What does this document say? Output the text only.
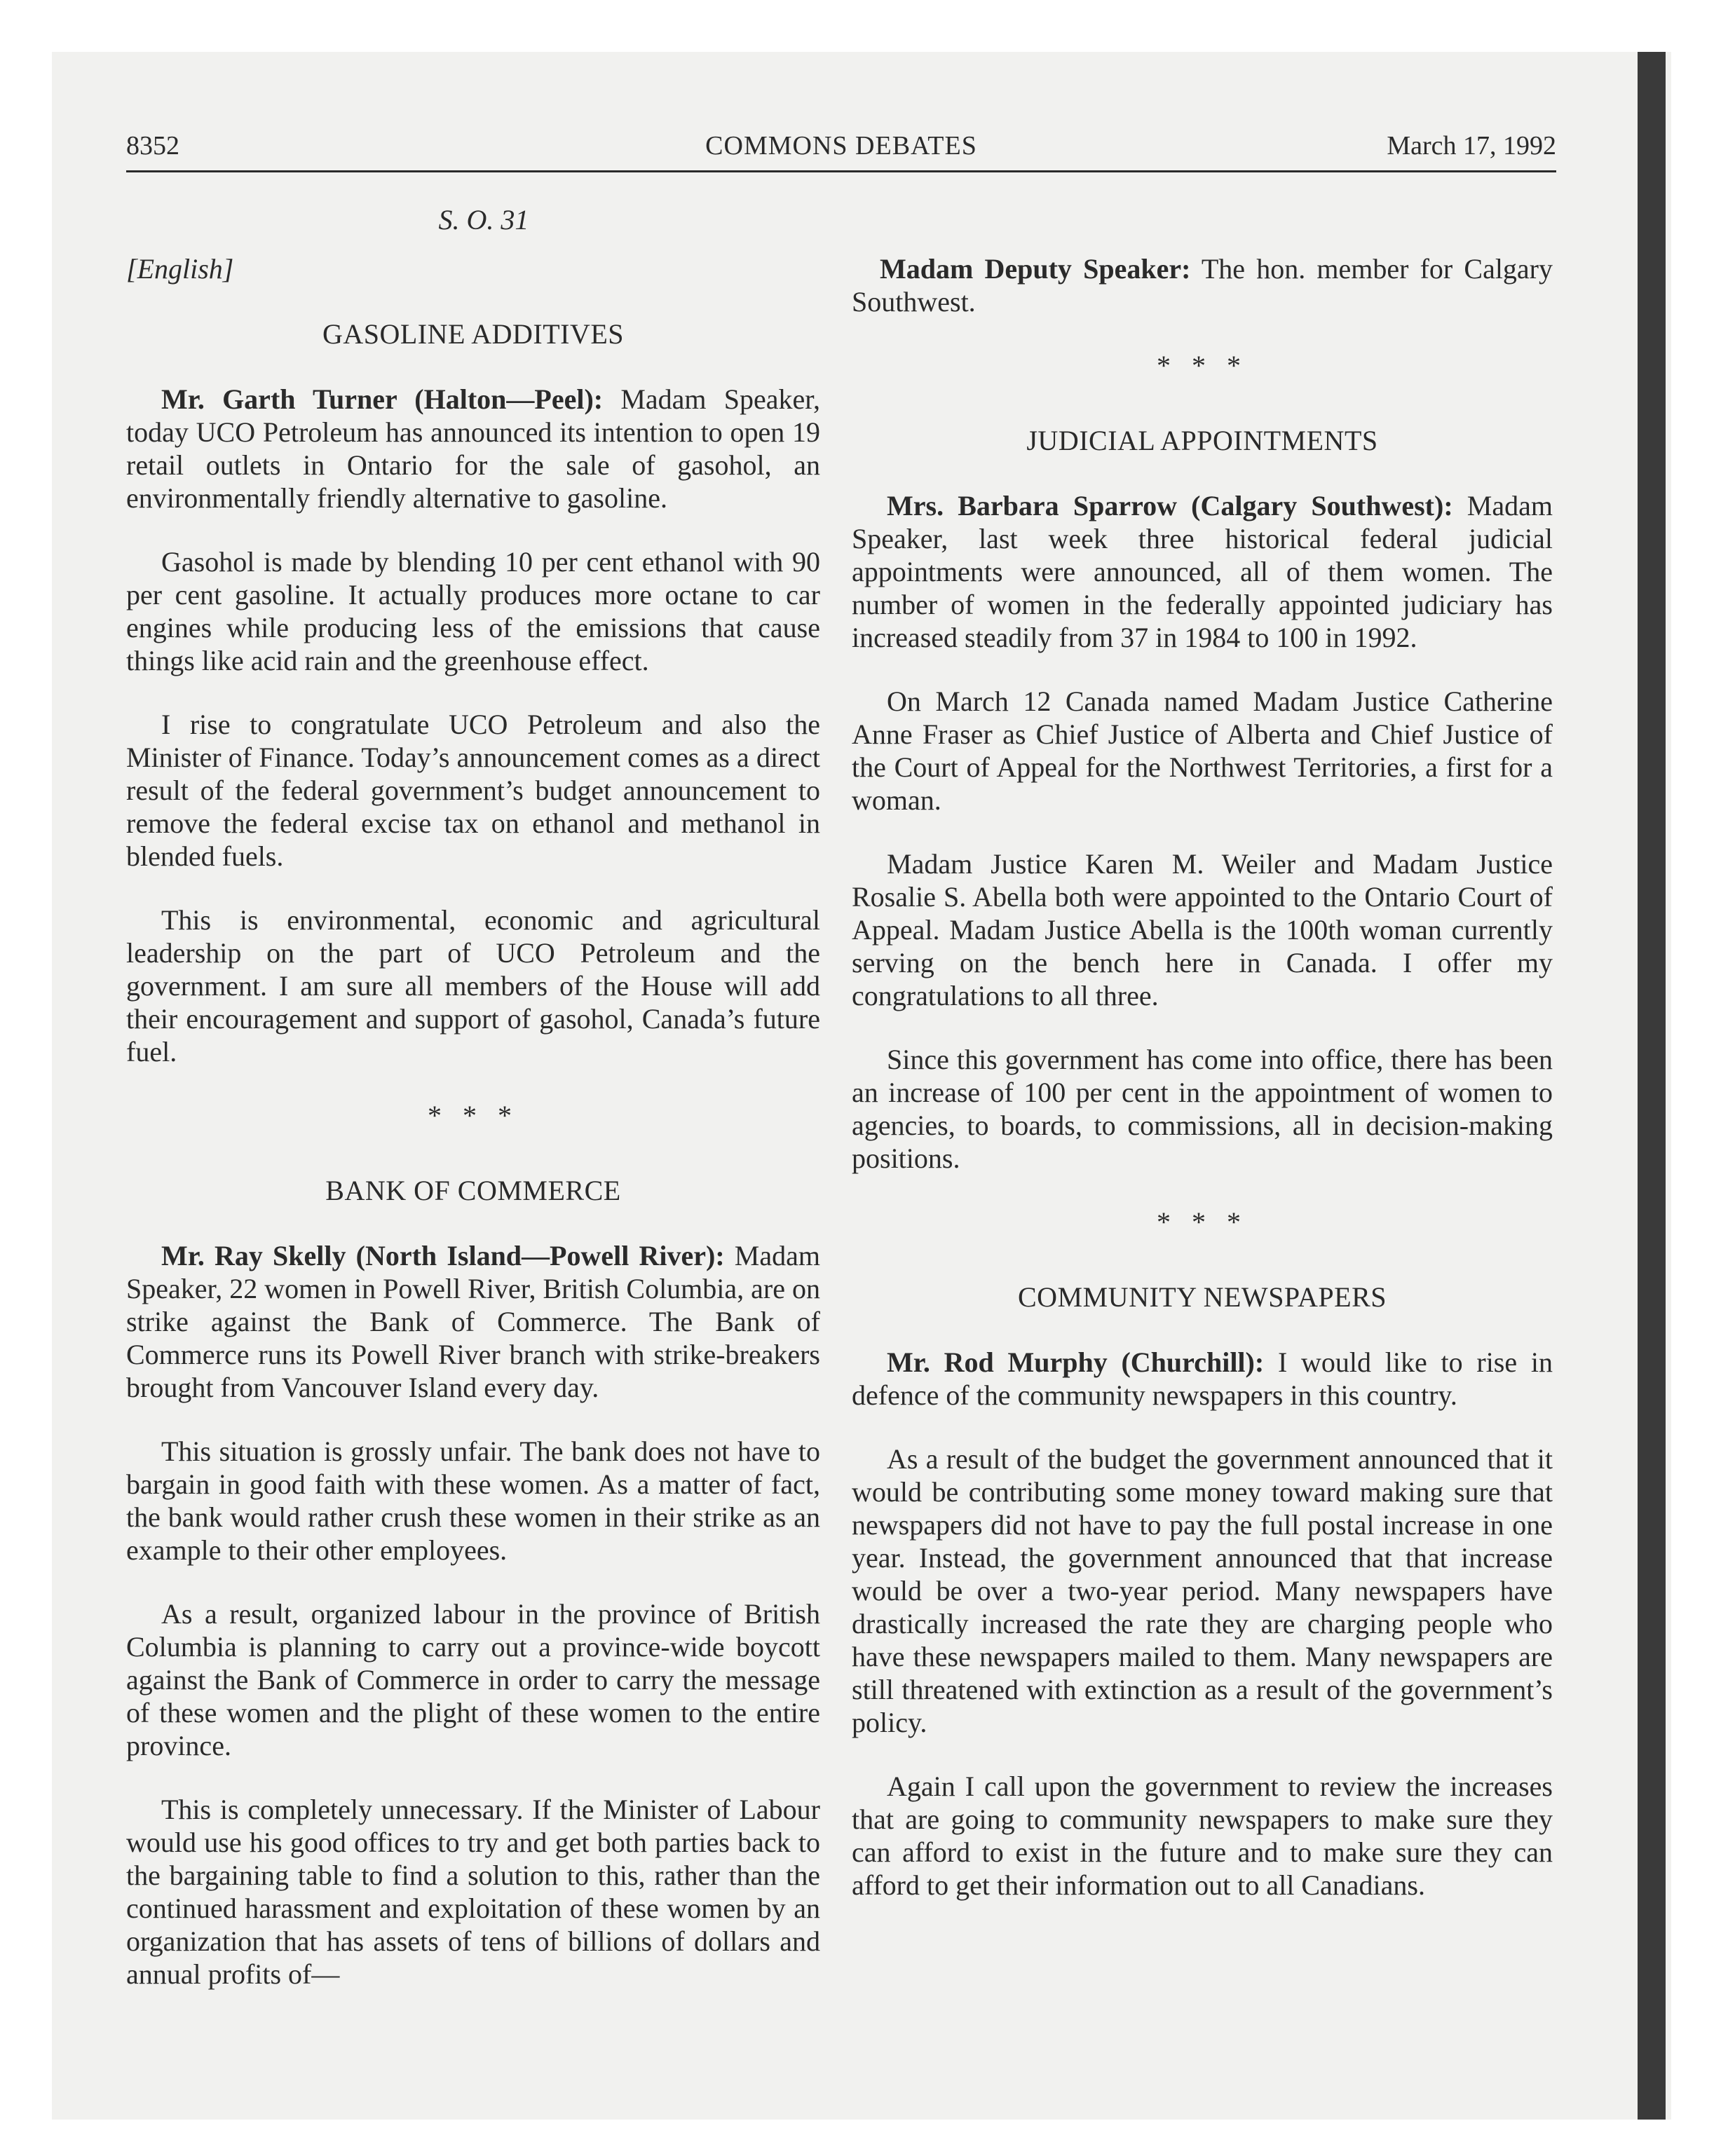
8352	COMMONS DEBATES	March 17, 1992
S. O. 31
[English]
GASOLINE ADDITIVES

Mr. Garth Turner (Halton—Peel): Madam Speaker, today UCO Petroleum has announced its intention to open 19 retail outlets in Ontario for the sale of gasohol, an environmentally friendly alternative to gasoline.

Gasohol is made by blending 10 per cent ethanol with 90 per cent gasoline. It actually produces more octane to car engines while producing less of the emissions that cause things like acid rain and the greenhouse effect.

I rise to congratulate UCO Petroleum and also the Minister of Finance. Today’s announcement comes as a direct result of the federal government’s budget announcement to remove the federal excise tax on ethanol and methanol in blended fuels.

This is environmental, economic and agricultural leadership on the part of UCO Petroleum and the government. I am sure all members of the House will add their encouragement and support of gasohol, Canada’s future fuel.

* * *
BANK OF COMMERCE

Mr. Ray Skelly (North Island—Powell River): Madam Speaker, 22 women in Powell River, British Columbia, are on strike against the Bank of Commerce. The Bank of Commerce runs its Powell River branch with strike-breakers brought from Vancouver Island every day.

This situation is grossly unfair. The bank does not have to bargain in good faith with these women. As a matter of fact, the bank would rather crush these women in their strike as an example to their other employees.

As a result, organized labour in the province of British Columbia is planning to carry out a province-wide boycott against the Bank of Commerce in order to carry the message of these women and the plight of these women to the entire province.

This is completely unnecessary. If the Minister of Labour would use his good offices to try and get both parties back to the bargaining table to find a solution to this, rather than the continued harassment and exploitation of these women by an organization that has assets of tens of billions of dollars and annual profits of—

Madam Deputy Speaker: The hon. member for Calgary Southwest.

* * *
JUDICIAL APPOINTMENTS

Mrs. Barbara Sparrow (Calgary Southwest): Madam Speaker, last week three historical federal judicial appointments were announced, all of them women. The number of women in the federally appointed judiciary has increased steadily from 37 in 1984 to 100 in 1992.

On March 12 Canada named Madam Justice Catherine Anne Fraser as Chief Justice of Alberta and Chief Justice of the Court of Appeal for the Northwest Territories, a first for a woman.

Madam Justice Karen M. Weiler and Madam Justice Rosalie S. Abella both were appointed to the Ontario Court of Appeal. Madam Justice Abella is the 100th woman currently serving on the bench here in Canada. I offer my congratulations to all three.

Since this government has come into office, there has been an increase of 100 per cent in the appointment of women to agencies, to boards, to commissions, all in decision-making positions.

* * *
COMMUNITY NEWSPAPERS

Mr. Rod Murphy (Churchill): I would like to rise in defence of the community newspapers in this country.

As a result of the budget the government announced that it would be contributing some money toward making sure that newspapers did not have to pay the full postal increase in one year. Instead, the government announced that that increase would be over a two-year period. Many newspapers have drastically increased the rate they are charging people who have these newspapers mailed to them. Many newspapers are still threatened with extinction as a result of the government’s policy.

Again I call upon the government to review the increases that are going to community newspapers to make sure they can afford to exist in the future and to make sure they can afford to get their information out to all Canadians.
